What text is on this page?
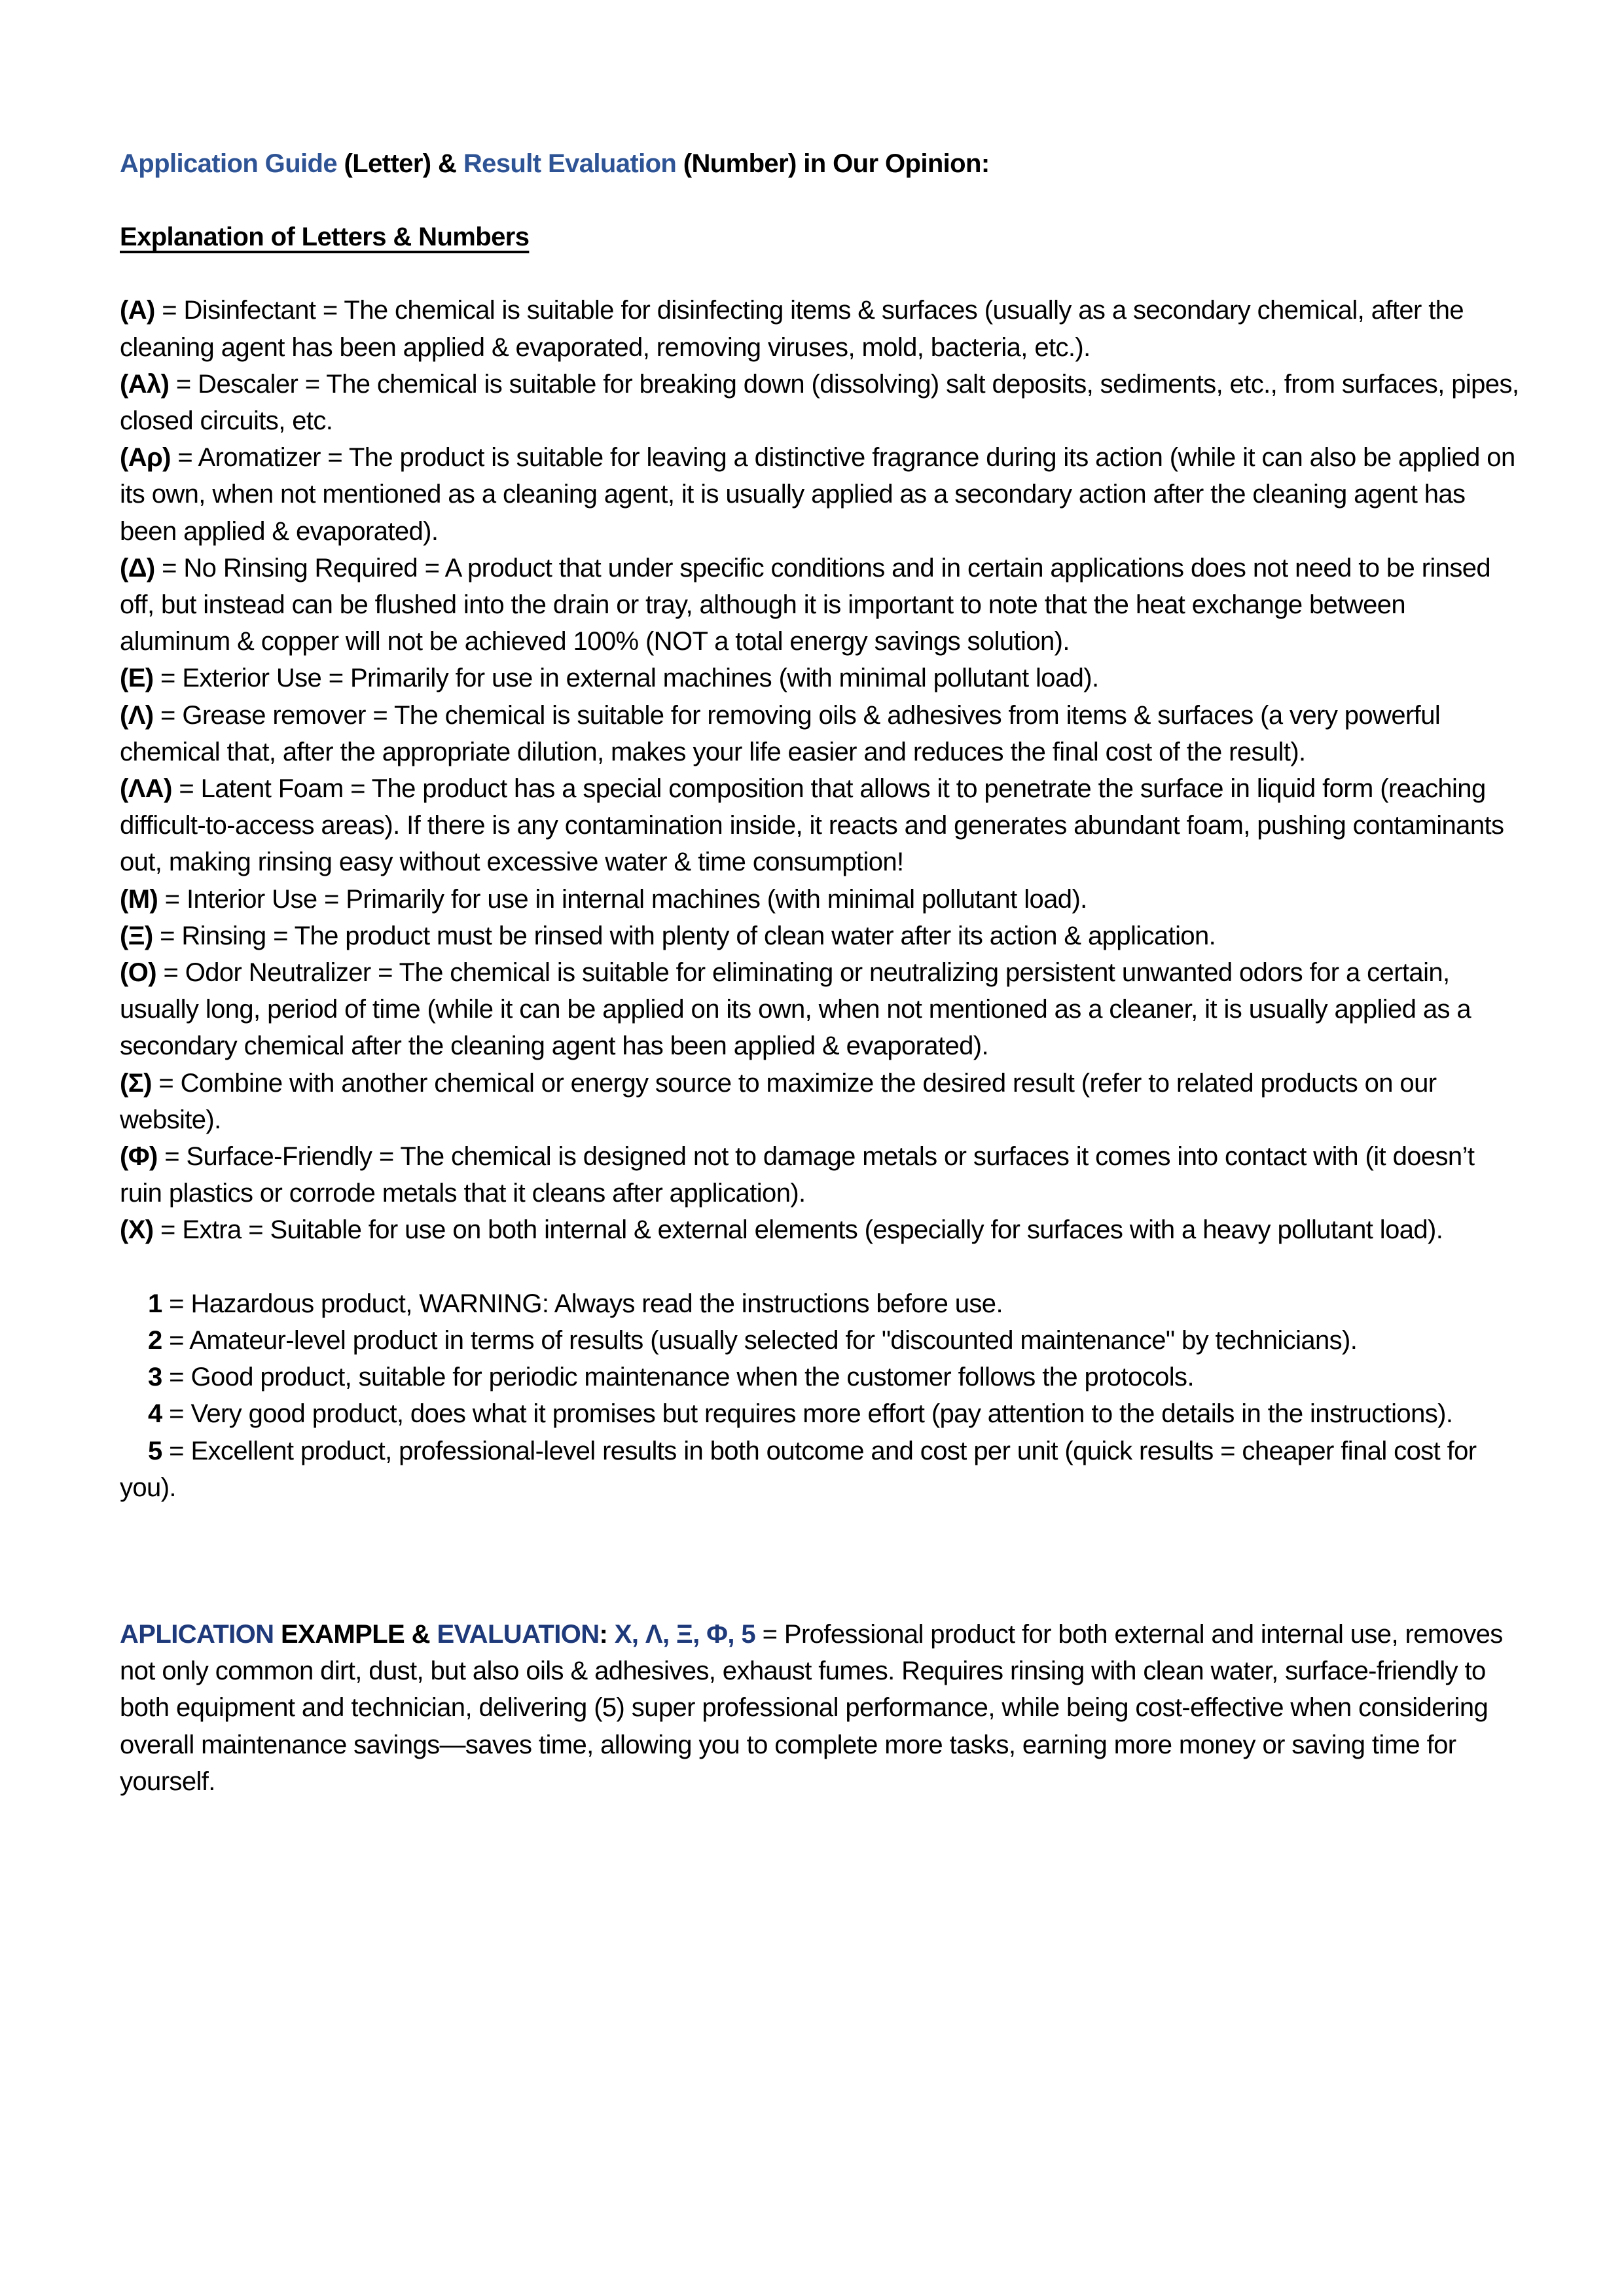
Application Guide (Letter) & Result Evaluation (Number) in Our Opinion:

Explanation of Letters & Numbers

(A) = Disinfectant = The chemical is suitable for disinfecting items & surfaces (usually as a secondary chemical, after the cleaning agent has been applied & evaporated, removing viruses, mold, bacteria, etc.).

(Aλ) = Descaler = The chemical is suitable for breaking down (dissolving) salt deposits, sediments, etc., from surfaces, pipes, closed circuits, etc.

(Aρ) = Aromatizer = The product is suitable for leaving a distinctive fragrance during its action (while it can also be applied on its own, when not mentioned as a cleaning agent, it is usually applied as a secondary action after the cleaning agent has been applied & evaporated).

(Δ) = No Rinsing Required = A product that under specific conditions and in certain applications does not need to be rinsed off, but instead can be flushed into the drain or tray, although it is important to note that the heat exchange between aluminum & copper will not be achieved 100% (NOT a total energy savings solution).

(E) = Exterior Use = Primarily for use in external machines (with minimal pollutant load).

(Λ) = Grease remover = The chemical is suitable for removing oils & adhesives from items & surfaces (a very powerful chemical that, after the appropriate dilution, makes your life easier and reduces the final cost of the result).

(ΛA) = Latent Foam = The product has a special composition that allows it to penetrate the surface in liquid form (reaching difficult-to-access areas). If there is any contamination inside, it reacts and generates abundant foam, pushing contaminants out, making rinsing easy without excessive water & time consumption!

(M) = Interior Use = Primarily for use in internal machines (with minimal pollutant load).

(Ξ) = Rinsing = The product must be rinsed with plenty of clean water after its action & application.

(O) = Odor Neutralizer = The chemical is suitable for eliminating or neutralizing persistent unwanted odors for a certain, usually long, period of time (while it can be applied on its own, when not mentioned as a cleaner, it is usually applied as a secondary chemical after the cleaning agent has been applied & evaporated).

(Σ) = Combine with another chemical or energy source to maximize the desired result (refer to related products on our website).

(Φ) = Surface-Friendly = The chemical is designed not to damage metals or surfaces it comes into contact with (it doesn’t ruin plastics or corrode metals that it cleans after application).

(X) = Extra = Suitable for use on both internal & external elements (especially for surfaces with a heavy pollutant load).

1 = Hazardous product, WARNING: Always read the instructions before use.

2 = Amateur-level product in terms of results (usually selected for "discounted maintenance" by technicians).

3 = Good product, suitable for periodic maintenance when the customer follows the protocols.

4 = Very good product, does what it promises but requires more effort (pay attention to the details in the instructions).

5 = Excellent product, professional-level results in both outcome and cost per unit (quick results = cheaper final cost for you).

APLICATION EXAMPLE & EVALUATION: X, Λ, Ξ, Φ, 5 = Professional product for both external and internal use, removes not only common dirt, dust, but also oils & adhesives, exhaust fumes. Requires rinsing with clean water, surface-friendly to both equipment and technician, delivering (5) super professional performance, while being cost-effective when considering overall maintenance savings—saves time, allowing you to complete more tasks, earning more money or saving time for yourself.
